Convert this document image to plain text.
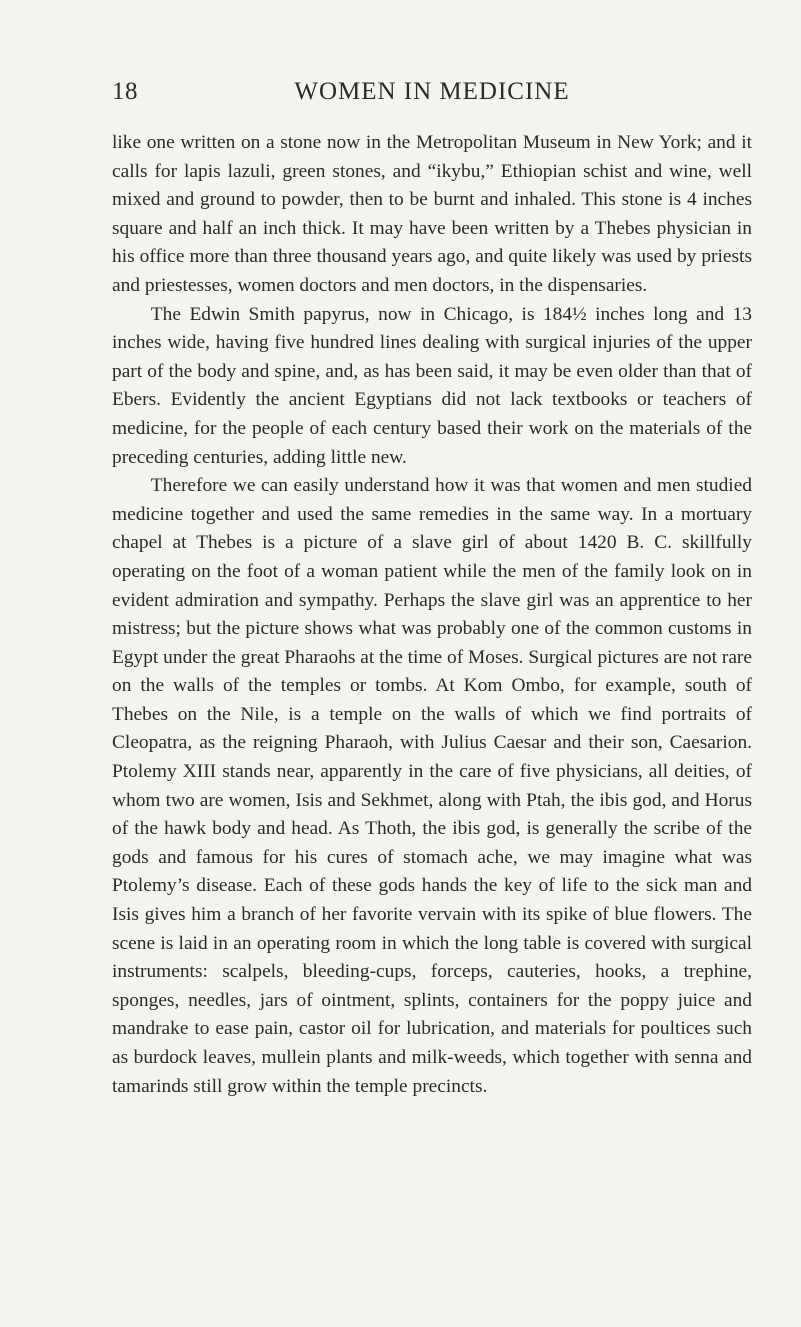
18	WOMEN IN MEDICINE

like one written on a stone now in the Metropolitan Museum in New York; and it calls for lapis lazuli, green stones, and “ikybu,” Ethiopian schist and wine, well mixed and ground to powder, then to be burnt and inhaled. This stone is 4 inches square and half an inch thick. It may have been written by a Thebes physician in his office more than three thousand years ago, and quite likely was used by priests and priestesses, women doctors and men doctors, in the dispensaries.

The Edwin Smith papyrus, now in Chicago, is 184½ inches long and 13 inches wide, having five hundred lines dealing with surgical injuries of the upper part of the body and spine, and, as has been said, it may be even older than that of Ebers. Evidently the ancient Egyptians did not lack textbooks or teachers of medicine, for the people of each century based their work on the materials of the preceding centuries, adding little new.

Therefore we can easily understand how it was that women and men studied medicine together and used the same remedies in the same way. In a mortuary chapel at Thebes is a picture of a slave girl of about 1420 B. C. skillfully operating on the foot of a woman patient while the men of the family look on in evident admiration and sympathy. Perhaps the slave girl was an apprentice to her mistress; but the picture shows what was probably one of the common customs in Egypt under the great Pharaohs at the time of Moses. Surgical pictures are not rare on the walls of the temples or tombs. At Kom Ombo, for example, south of Thebes on the Nile, is a temple on the walls of which we find portraits of Cleopatra, as the reigning Pharaoh, with Julius Caesar and their son, Caesarion. Ptolemy XIII stands near, apparently in the care of five physicians, all deities, of whom two are women, Isis and Sekhmet, along with Ptah, the ibis god, and Horus of the hawk body and head. As Thoth, the ibis god, is generally the scribe of the gods and famous for his cures of stomach ache, we may imagine what was Ptolemy’s disease. Each of these gods hands the key of life to the sick man and Isis gives him a branch of her favorite vervain with its spike of blue flowers. The scene is laid in an operating room in which the long table is covered with surgical instruments: scalpels, bleeding-cups, forceps, cauteries, hooks, a trephine, sponges, needles, jars of ointment, splints, containers for the poppy juice and mandrake to ease pain, castor oil for lubrication, and materials for poultices such as burdock leaves, mullein plants and milk-weeds, which together with senna and tamarinds still grow within the temple precincts.
